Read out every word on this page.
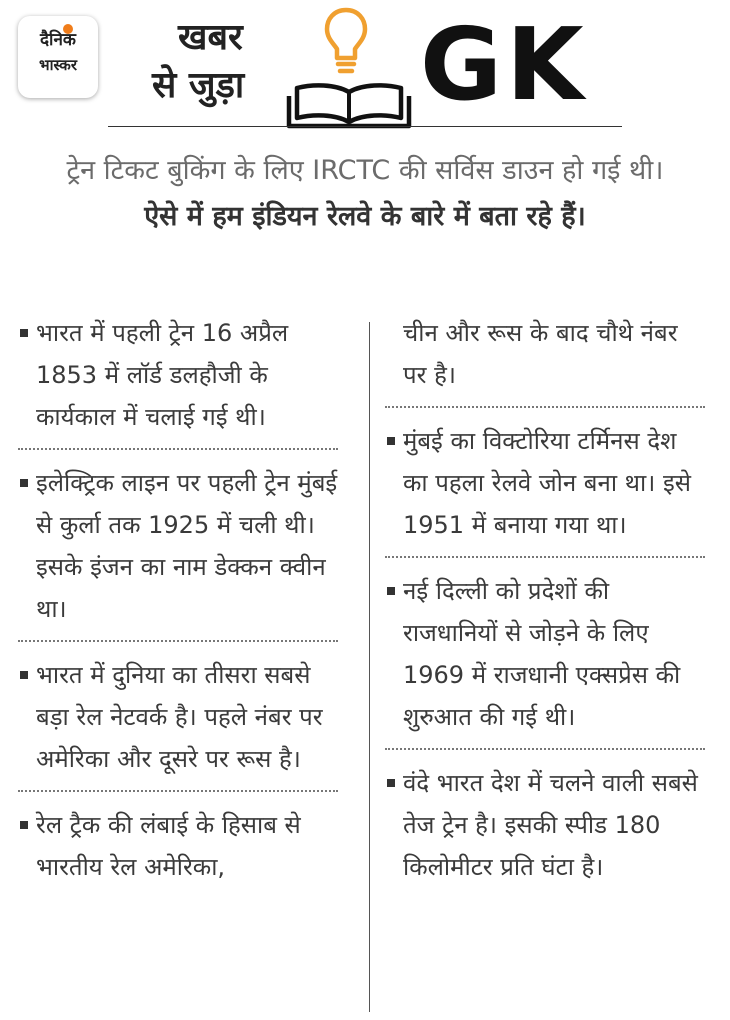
दैनिक
भास्कर
खबर
से जुड़ा GK
ट्रेन टिकट बुकिंग के लिए IRCTC की सर्विस डाउन हो गई थी। ऐसे में हम इंडियन रेलवे के बारे में बता रहे हैं।
भारत में पहली ट्रेन 16 अप्रैल 1853 में लॉर्ड डलहौजी के कार्यकाल में चलाई गई थी।
इलेक्ट्रिक लाइन पर पहली ट्रेन मुंबई से कुर्ला तक 1925 में चली थी। इसके इंजन का नाम डेक्कन क्वीन था।
भारत में दुनिया का तीसरा सबसे बड़ा रेल नेटवर्क है। पहले नंबर पर अमेरिका और दूसरे पर रूस है।
रेल ट्रैक की लंबाई के हिसाब से भारतीय रेल अमेरिका,
चीन और रूस के बाद चौथे नंबर पर है।
मुंबई का विक्टोरिया टर्मिनस देश का पहला रेलवे जोन बना था। इसे 1951 में बनाया गया था।
नई दिल्ली को प्रदेशों की राजधानियों से जोड़ने के लिए 1969 में राजधानी एक्सप्रेस की शुरुआत की गई थी।
वंदे भारत देश में चलने वाली सबसे तेज ट्रेन है। इसकी स्पीड 180 किलोमीटर प्रति घंटा है।
